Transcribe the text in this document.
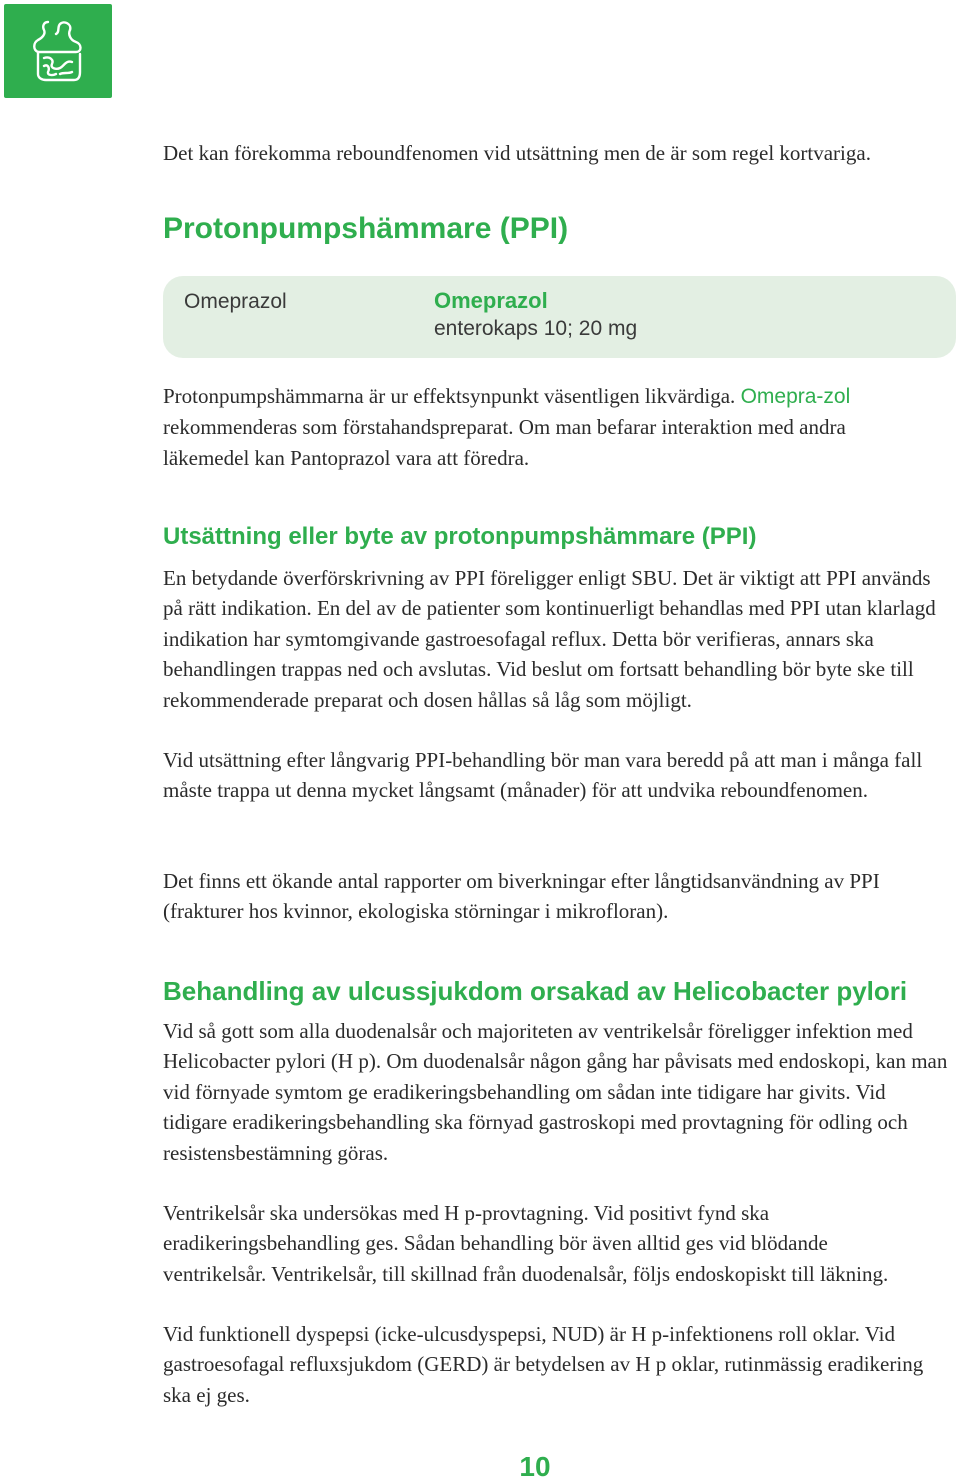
Det kan förekomma reboundfenomen vid utsättning men de är som regel kortvariga.

Protonpumpshämmare (PPI)
Omeprazol	Omeprazol
enterokaps 10; 20 mg

Protonpumpshämmarna är ur effektsynpunkt väsentligen likvärdiga. Omepra-zol rekommenderas som förstahandspreparat. Om man befarar interaktion med andra läkemedel kan Pantoprazol vara att föredra.

Utsättning eller byte av protonpumpshämmare (PPI)

En betydande överförskrivning av PPI föreligger enligt SBU. Det är viktigt att PPI används på rätt indikation. En del av de patienter som kontinuerligt behandlas med PPI utan klarlagd indikation har symtomgivande gastroesofagal reflux. Detta bör verifieras, annars ska behandlingen trappas ned och avslutas. Vid beslut om fortsatt behandling bör byte ske till rekommenderade preparat och dosen hållas så låg som möjligt.

Vid utsättning efter långvarig PPI-behandling bör man vara beredd på att man i många fall måste trappa ut denna mycket långsamt (månader) för att undvika reboundfenomen.

Det finns ett ökande antal rapporter om biverkningar efter långtidsanvändning av PPI (frakturer hos kvinnor, ekologiska störningar i mikrofloran).

Behandling av ulcussjukdom orsakad av Helicobacter pylori

Vid så gott som alla duodenalsår och majoriteten av ventrikelsår föreligger infektion med Helicobacter pylori (H p). Om duodenalsår någon gång har påvisats med endoskopi, kan man vid förnyade symtom ge eradikeringsbehandling om sådan inte tidigare har givits. Vid tidigare eradikeringsbehandling ska förnyad gastroskopi med provtagning för odling och resistensbestämning göras.

Ventrikelsår ska undersökas med H p-provtagning. Vid positivt fynd ska eradikeringsbehandling ges. Sådan behandling bör även alltid ges vid blödande ventrikelsår. Ventrikelsår, till skillnad från duodenalsår, följs endoskopiskt till läkning.

Vid funktionell dyspepsi (icke-ulcusdyspepsi, NUD) är H p-infektionens roll oklar. Vid gastroesofagal refluxsjukdom (GERD) är betydelsen av H p oklar, rutinmässig eradikering ska ej ges.

10
